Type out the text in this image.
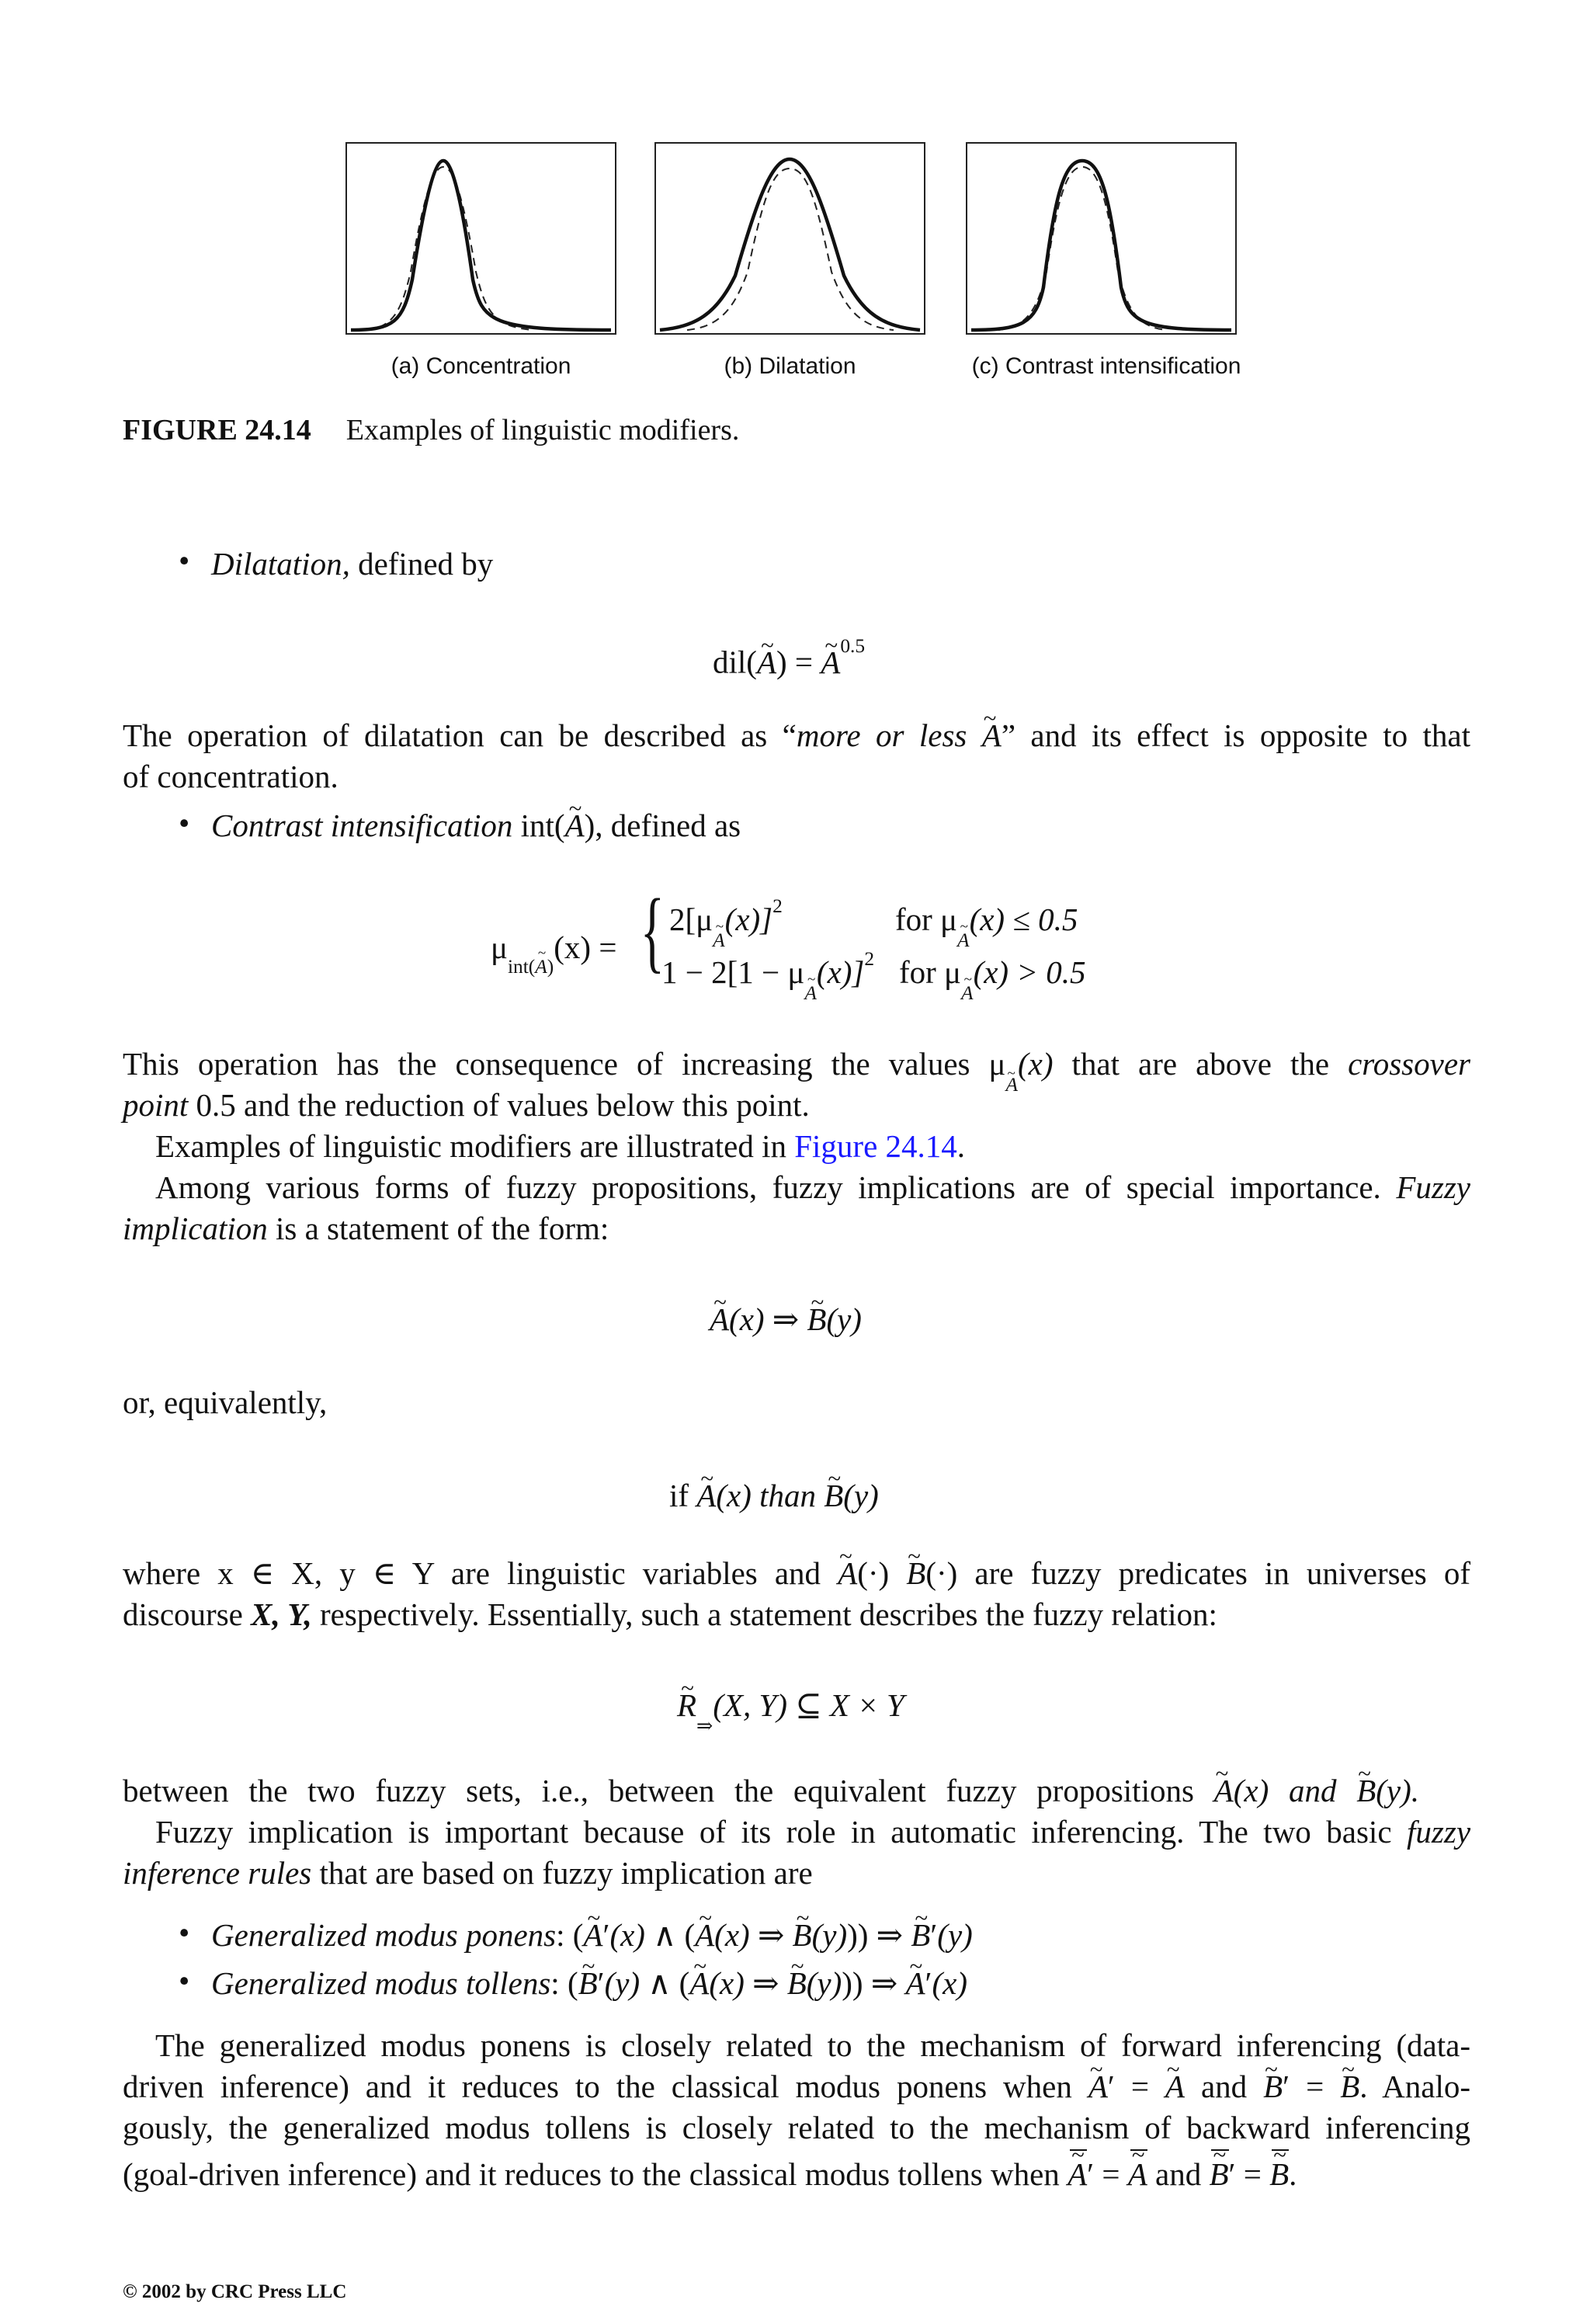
(a) Concentration	(b) Dilatation	(c) Contrast intensification
FIGURE 24.14 Examples of linguistic modifiers.
• Dilatation, defined by
dil(~ A) = ~ $A^{0.5}$
The operation of dilatation can be described as “more or less ~ A” and its effect is opposite to that
of concentration.
• Contrast intensification int(~ A), defined as
$\mu_{int(\sim A)}(x)$ = { 2[μ~ $_A$(x)]$^2$	for μ~ $_A$(x) ≤ 0.5
1 − 2[1 − μ~ $_A$(x)]$^2$ for μ~ $_A$(x) > 0.5
This operation has the consequence of increasing the values μ~ $_A$(x) that are above the crossover
point 0.5 and the reduction of values below this point.
Examples of linguistic modifiers are illustrated in Figure 24.14.
Among various forms of fuzzy propositions, fuzzy implications are of special importance. Fuzzy
implication is a statement of the form:
~ A(x) ⇒ ~ B(y)
or, equivalently,
if ~ A(x) than ~ B(y)
where x ∈ X, y ∈ Y are linguistic variables and ~ A(·) ~ B(·) are fuzzy predicates in universes of
discourse X, Y, respectively. Essentially, such a statement describes the fuzzy relation:
~ $R_\Rightarrow(X$, Y) ⊆ X × Y
between the two fuzzy sets, i.e., between the equivalent fuzzy propositions ~ A(x) and ~ B(y).
Fuzzy implication is important because of its role in automatic inferencing. The two basic fuzzy
inference rules that are based on fuzzy implication are
• Generalized modus ponens: (~ A′(x) ∧ (~ A(x) ⇒ ~ B(y))) ⇒ ~ B′(y)
• Generalized modus tollens: (~ B′(y) ∧ (~ A(x) ⇒ ~ B(y))) ⇒ ~ A′(x)
The generalized modus ponens is closely related to the mechanism of forward inferencing (data-
driven inference) and it reduces to the classical modus ponens when ~ A′ = ~ A and ~ B′ = ~ B. Analo-
gously, the generalized modus tollens is closely related to the mechanism of backward inferencing
(goal-driven inference) and it reduces to the classical modus tollens when ~ A′ = ~ A and ~ B′ = ~ B.
© 2002 by CRC Press LLC
